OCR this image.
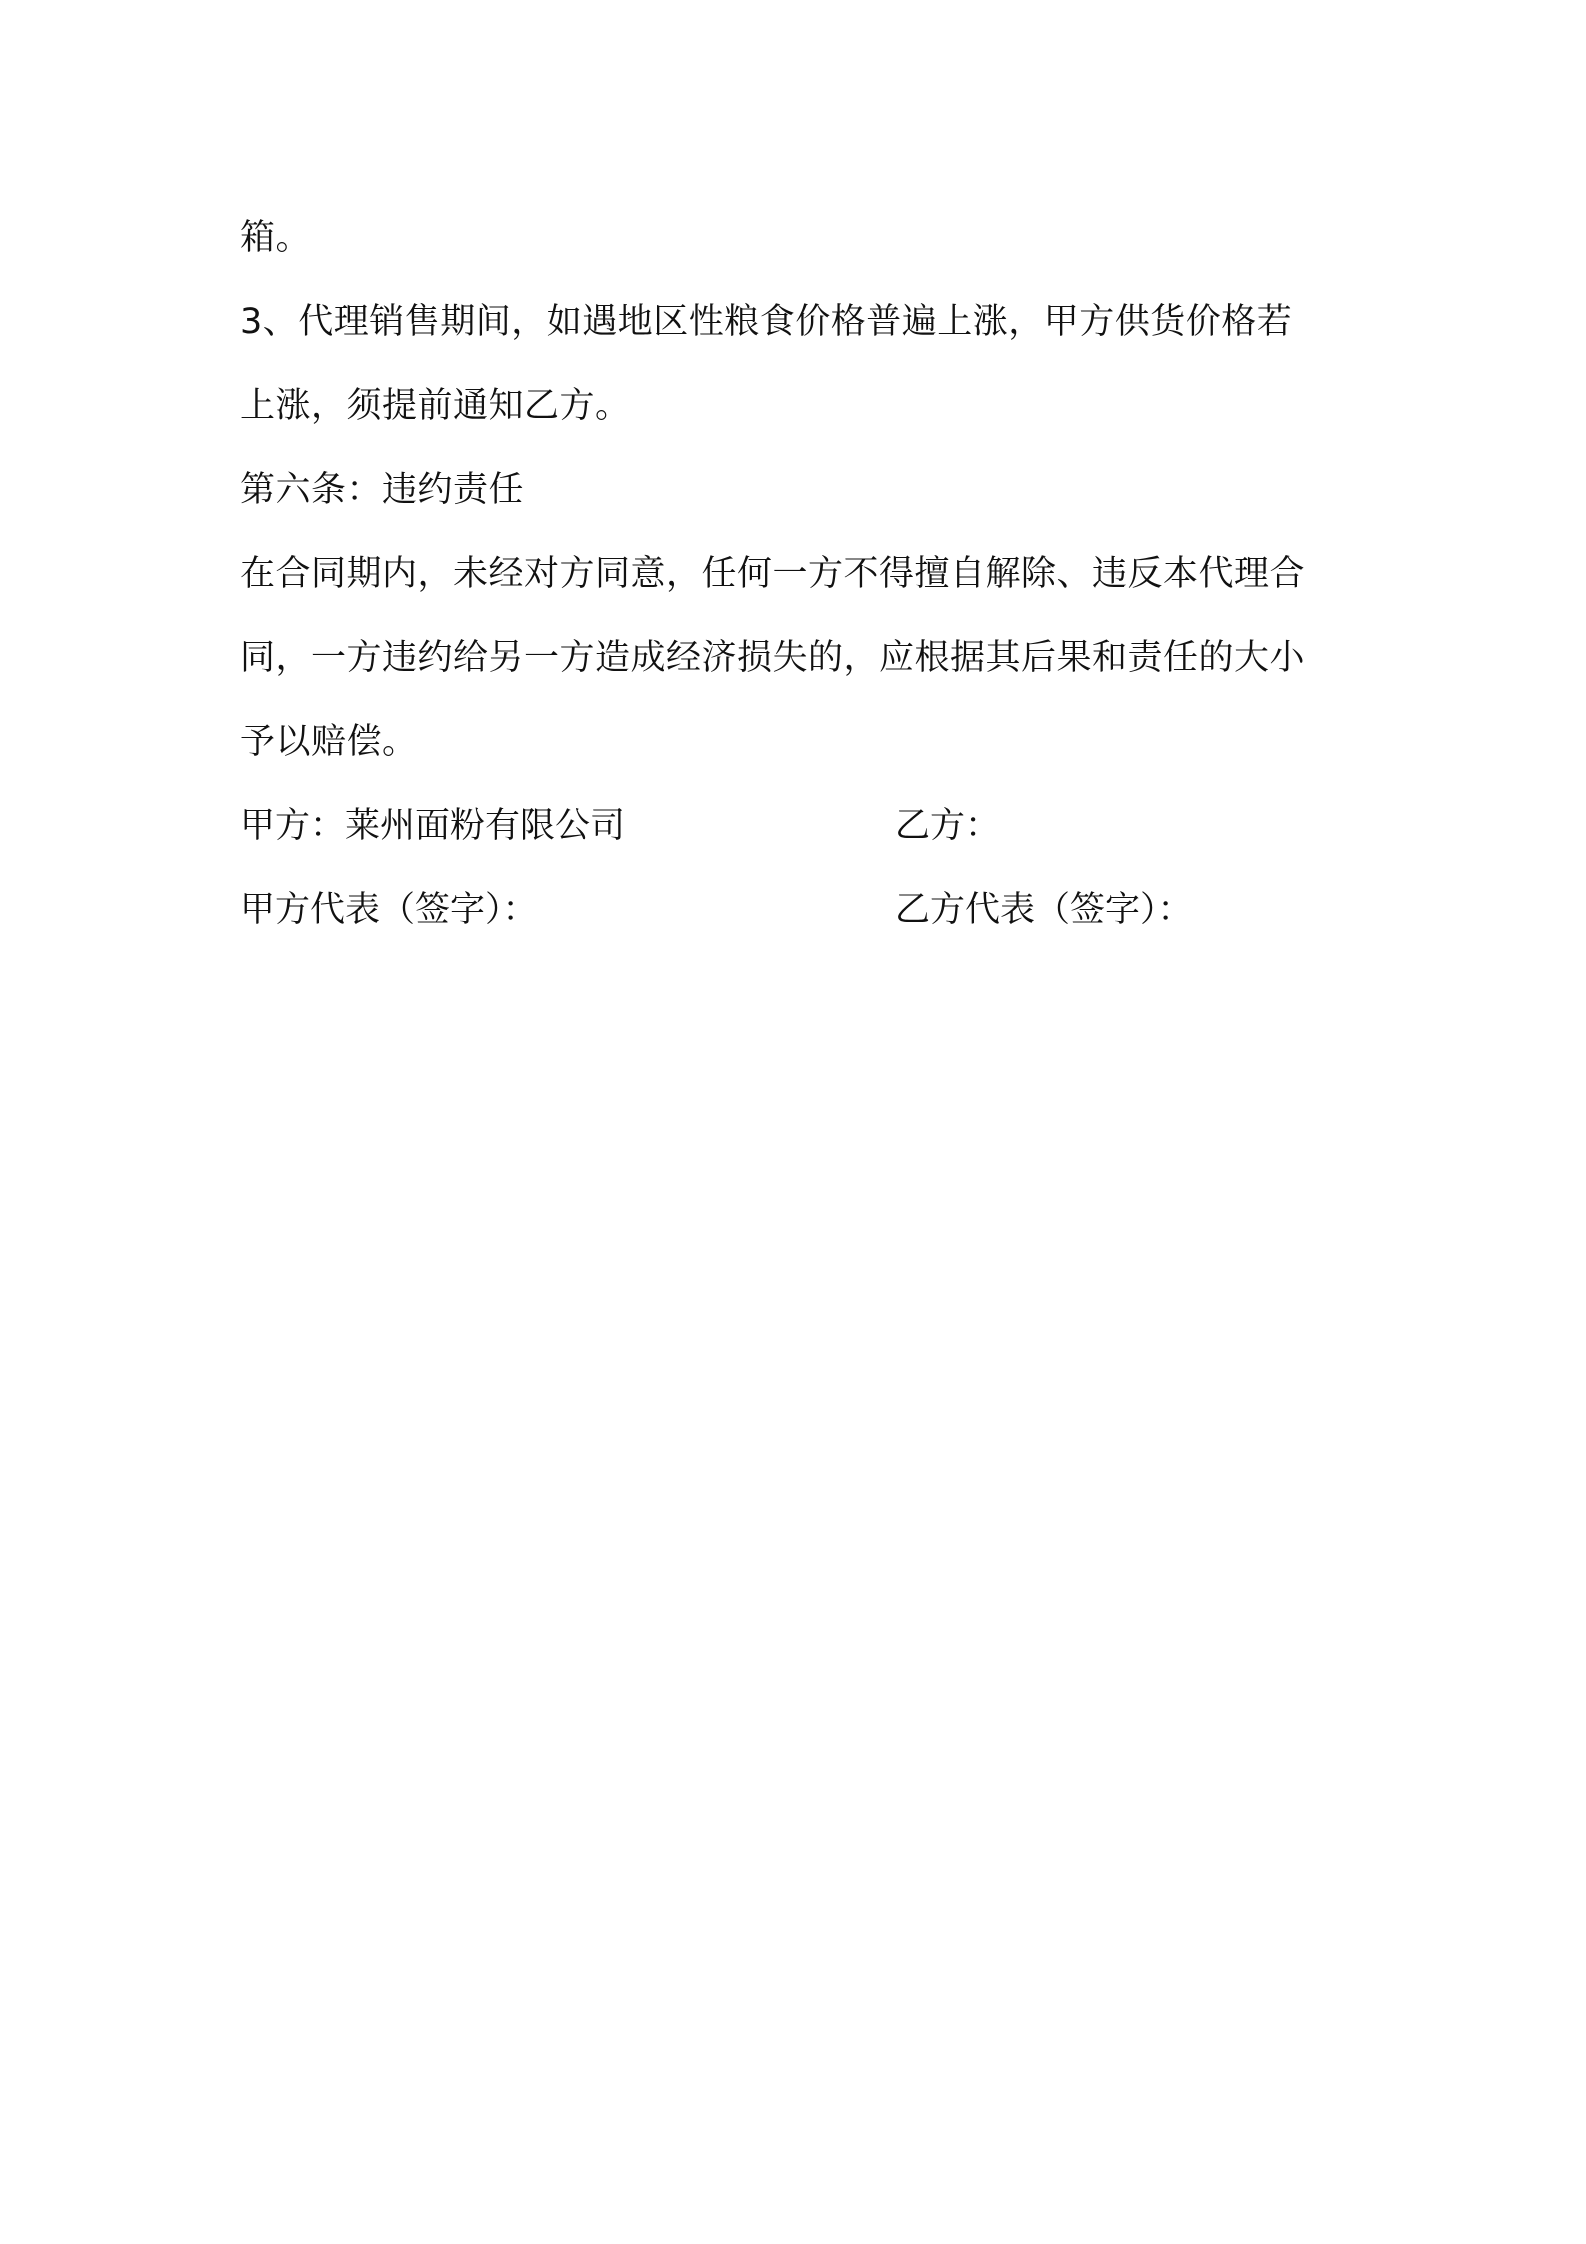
箱。
3、代理销售期间，如遇地区性粮食价格普遍上涨，甲方供货价格若
上涨，须提前通知乙方。
第六条：违约责任
在合同期内，未经对方同意，任何一方不得擅自解除、违反本代理合
同，一方违约给另一方造成经济损失的，应根据其后果和责任的大小
予以赔偿。
甲方：莱州面粉有限公司	乙方：
甲方代表（签字）：	乙方代表（签字）：
